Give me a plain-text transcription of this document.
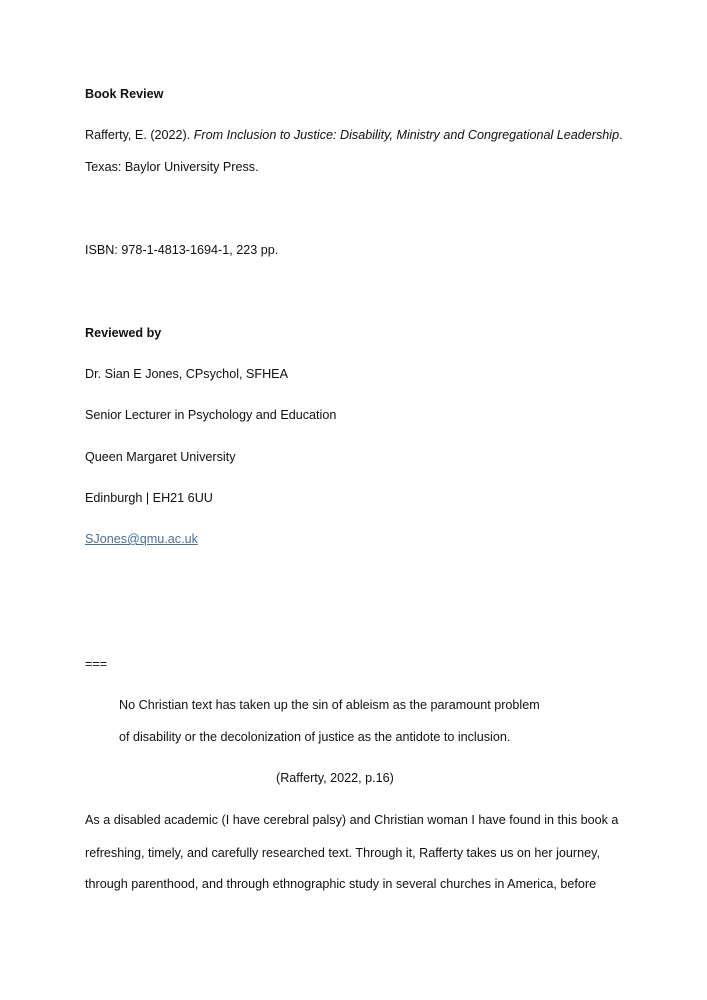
Book Review
Rafferty, E. (2022). From Inclusion to Justice: Disability, Ministry and Congregational Leadership.
Texas: Baylor University Press.
ISBN: 978-1-4813-1694-1, 223 pp.
Reviewed by
Dr. Sian E Jones, CPsychol, SFHEA
Senior Lecturer in Psychology and Education
Queen Margaret University
Edinburgh | EH21 6UU
SJones@qmu.ac.uk
===
No Christian text has taken up the sin of ableism as the paramount problem
of disability or the decolonization of justice as the antidote to inclusion.
(Rafferty, 2022, p.16)
As a disabled academic (I have cerebral palsy) and Christian woman I have found in this book a
refreshing, timely, and carefully researched text. Through it, Rafferty takes us on her journey,
through parenthood, and through ethnographic study in several churches in America, before
